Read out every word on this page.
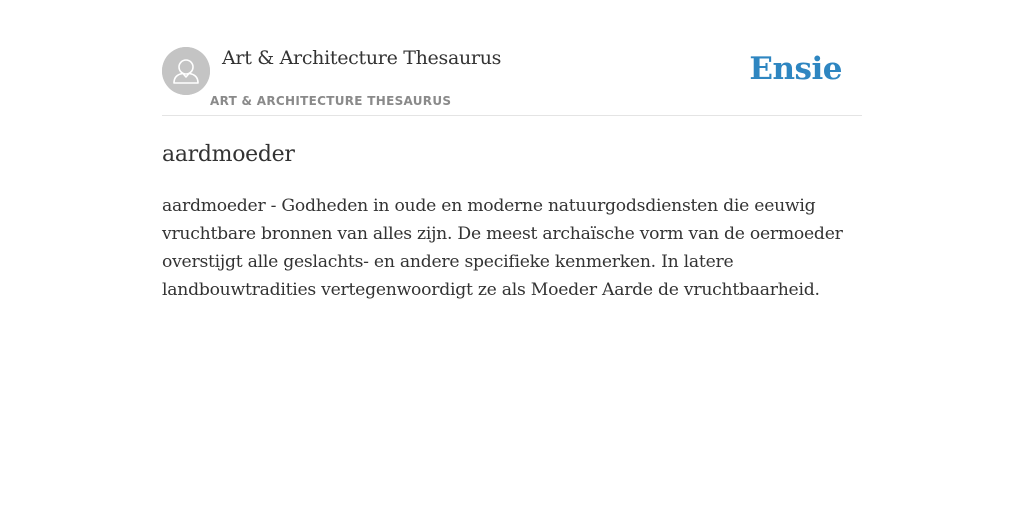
Art & Architecture Thesaurus
ART & ARCHITECTURE THESAURUS
Ensie
aardmoeder

aardmoeder - Godheden in oude en moderne natuurgodsdiensten die eeuwig vruchtbare bronnen van alles zijn. De meest archaïsche vorm van de oermoeder overstijgt alle geslachts- en andere specifieke kenmerken. In latere landbouwtradities vertegenwoordigt ze als Moeder Aarde de vruchtbaarheid.
